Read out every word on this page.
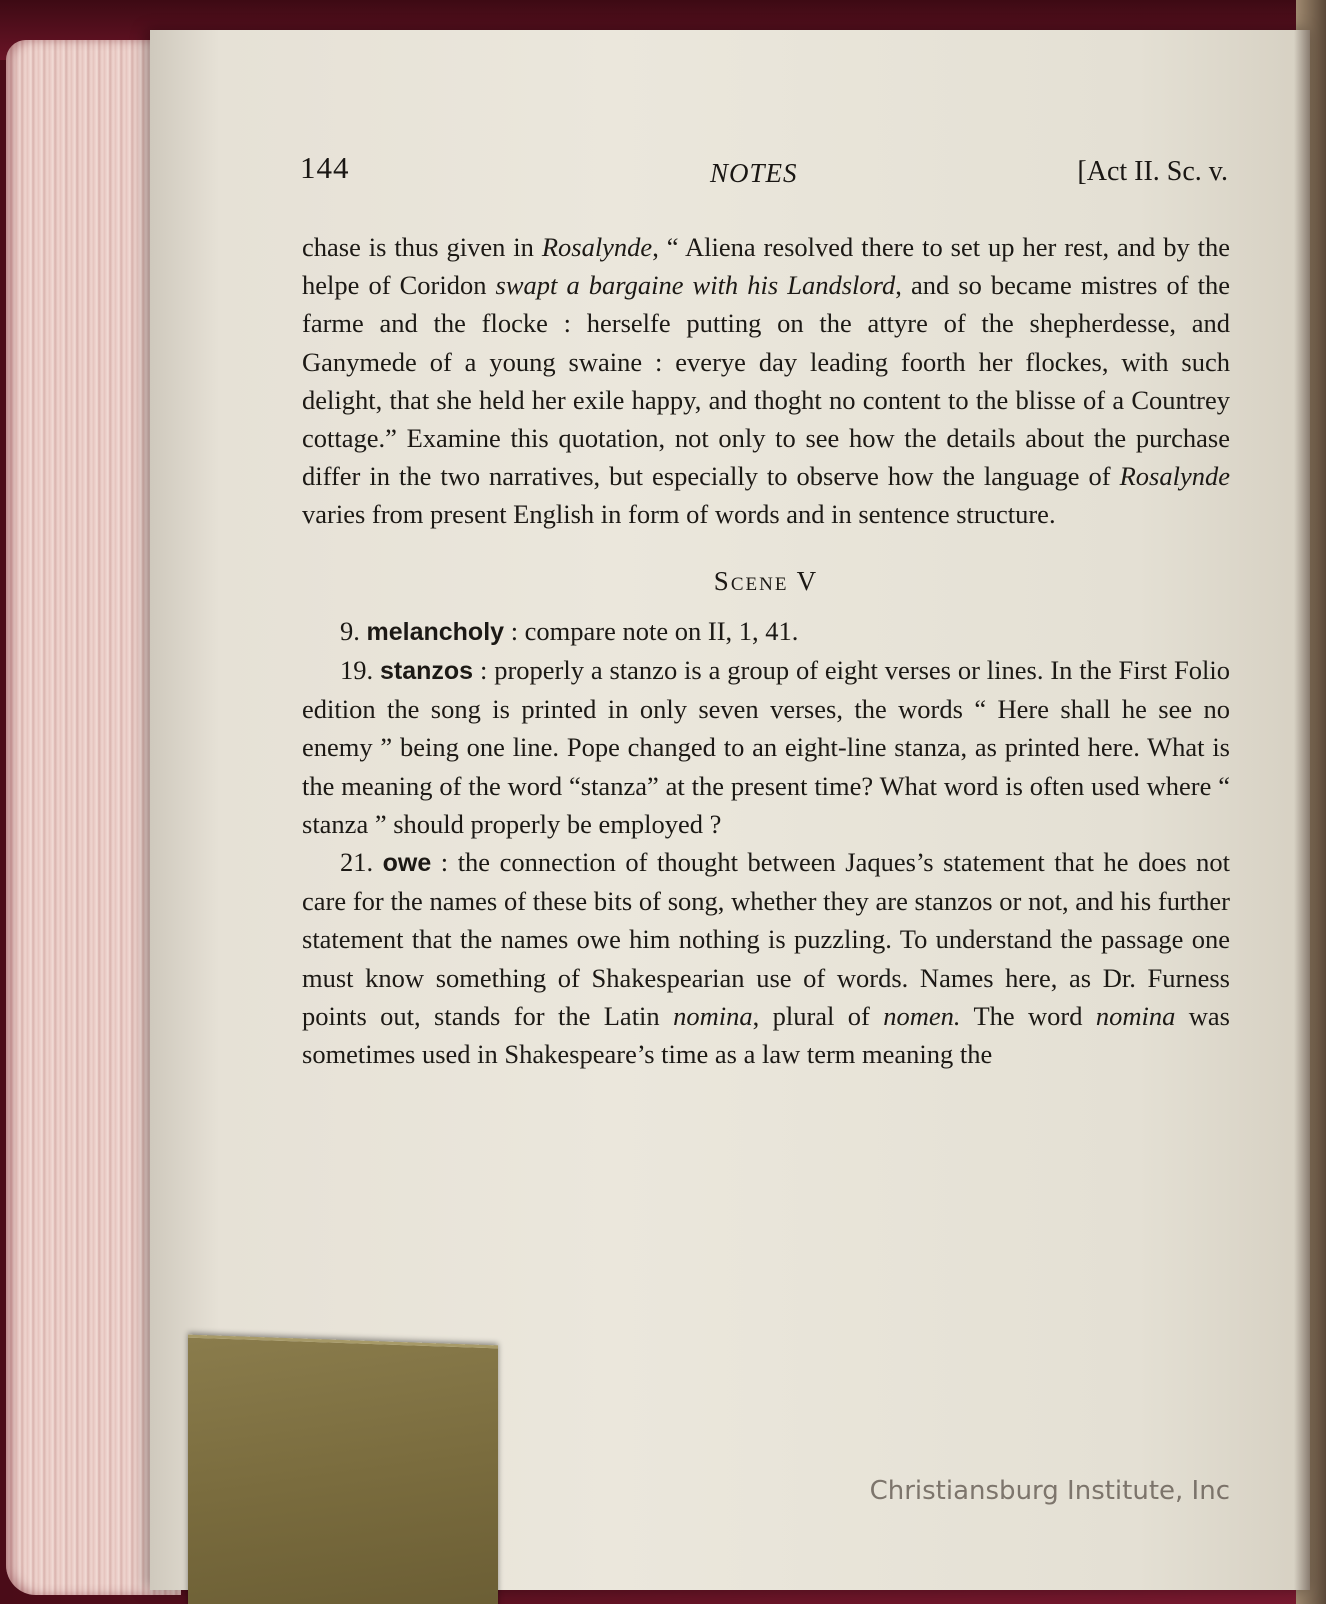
144	NOTES	[Act II. Sc. v.

chase is thus given in Rosalynde, “ Aliena resolved there to set up her rest, and by the helpe of Coridon swapt a bargaine with his Landslord, and so became mistres of the farme and the flocke : herselfe putting on the attyre of the shepherdesse, and Ganymede of a young swaine : everye day leading foorth her flockes, with such delight, that she held her exile happy, and thoght no content to the blisse of a Countrey cottage.” Examine this quotation, not only to see how the details about the purchase differ in the two narratives, but especially to observe how the language of Rosalynde varies from present English in form of words and in sentence structure.

Scene V

9. melancholy : compare note on II, 1, 41.

19. stanzos : properly a stanzo is a group of eight verses or lines. In the First Folio edition the song is printed in only seven verses, the words “ Here shall he see no enemy ” being one line. Pope changed to an eight-line stanza, as printed here. What is the meaning of the word “stanza” at the present time? What word is often used where “ stanza ” should properly be employed ?

21. owe : the connection of thought between Jaques’s statement that he does not care for the names of these bits of song, whether they are stanzos or not, and his further statement that the names owe him nothing is puzzling. To understand the passage one must know something of Shakespearian use of words. Names here, as Dr. Furness points out, stands for the Latin nomina, plural of nomen. The word nomina was sometimes used in Shakespeare’s time as a law term meaning the

Christiansburg Institute, Inc
